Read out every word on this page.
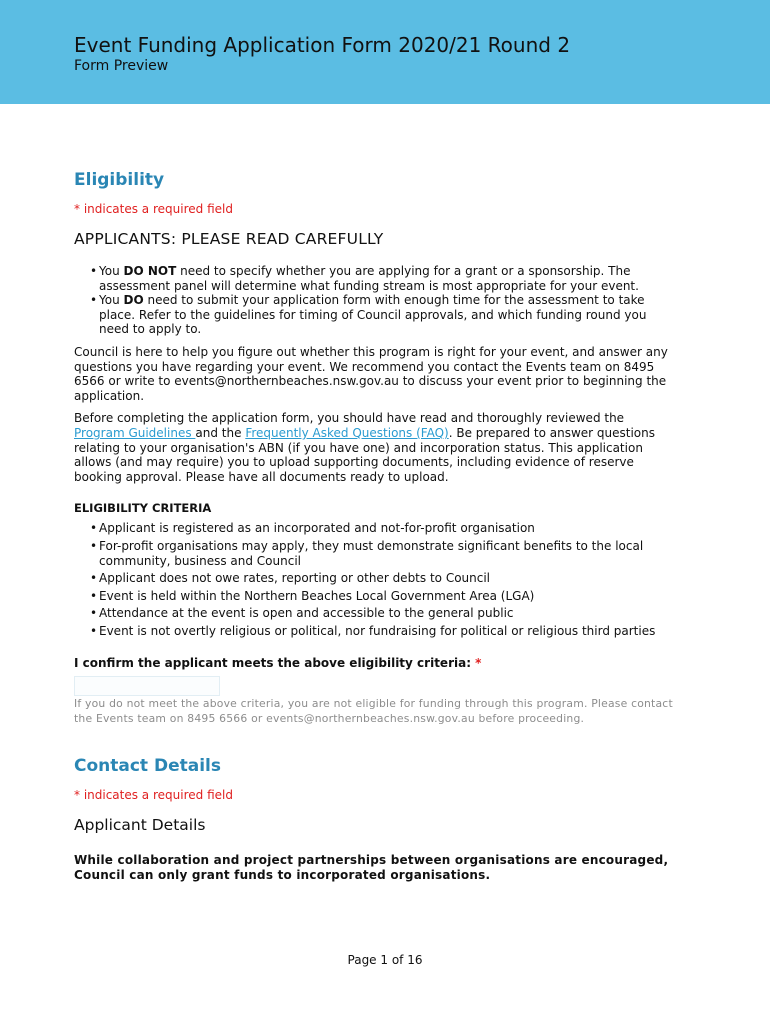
Event Funding Application Form 2020/21 Round 2
Form Preview
Eligibility
* indicates a required field
APPLICANTS: PLEASE READ CAREFULLY
• You DO NOT need to specify whether you are applying for a grant or a sponsorship. The assessment panel will determine what funding stream is most appropriate for your event.
• You DO need to submit your application form with enough time for the assessment to take place. Refer to the guidelines for timing of Council approvals, and which funding round you need to apply to.

Council is here to help you figure out whether this program is right for your event, and answer any questions you have regarding your event. We recommend you contact the Events team on 8495 6566 or write to events@northernbeaches.nsw.gov.au to discuss your event prior to beginning the application.

Before completing the application form, you should have read and thoroughly reviewed the Program Guidelines and the Frequently Asked Questions (FAQ). Be prepared to answer questions relating to your organisation's ABN (if you have one) and incorporation status. This application allows (and may require) you to upload supporting documents, including evidence of reserve booking approval. Please have all documents ready to upload.

ELIGIBILITY CRITERIA
• Applicant is registered as an incorporated and not-for-profit organisation
• For-profit organisations may apply, they must demonstrate significant benefits to the local community, business and Council
• Applicant does not owe rates, reporting or other debts to Council
• Event is held within the Northern Beaches Local Government Area (LGA)
• Attendance at the event is open and accessible to the general public
• Event is not overtly religious or political, nor fundraising for political or religious third parties
I confirm the applicant meets the above eligibility criteria: *
If you do not meet the above criteria, you are not eligible for funding through this program. Please contact the Events team on 8495 6566 or events@northernbeaches.nsw.gov.au before proceeding.
Contact Details
* indicates a required field
Applicant Details
While collaboration and project partnerships between organisations are encouraged, Council can only grant funds to incorporated organisations.
Page 1 of 16
